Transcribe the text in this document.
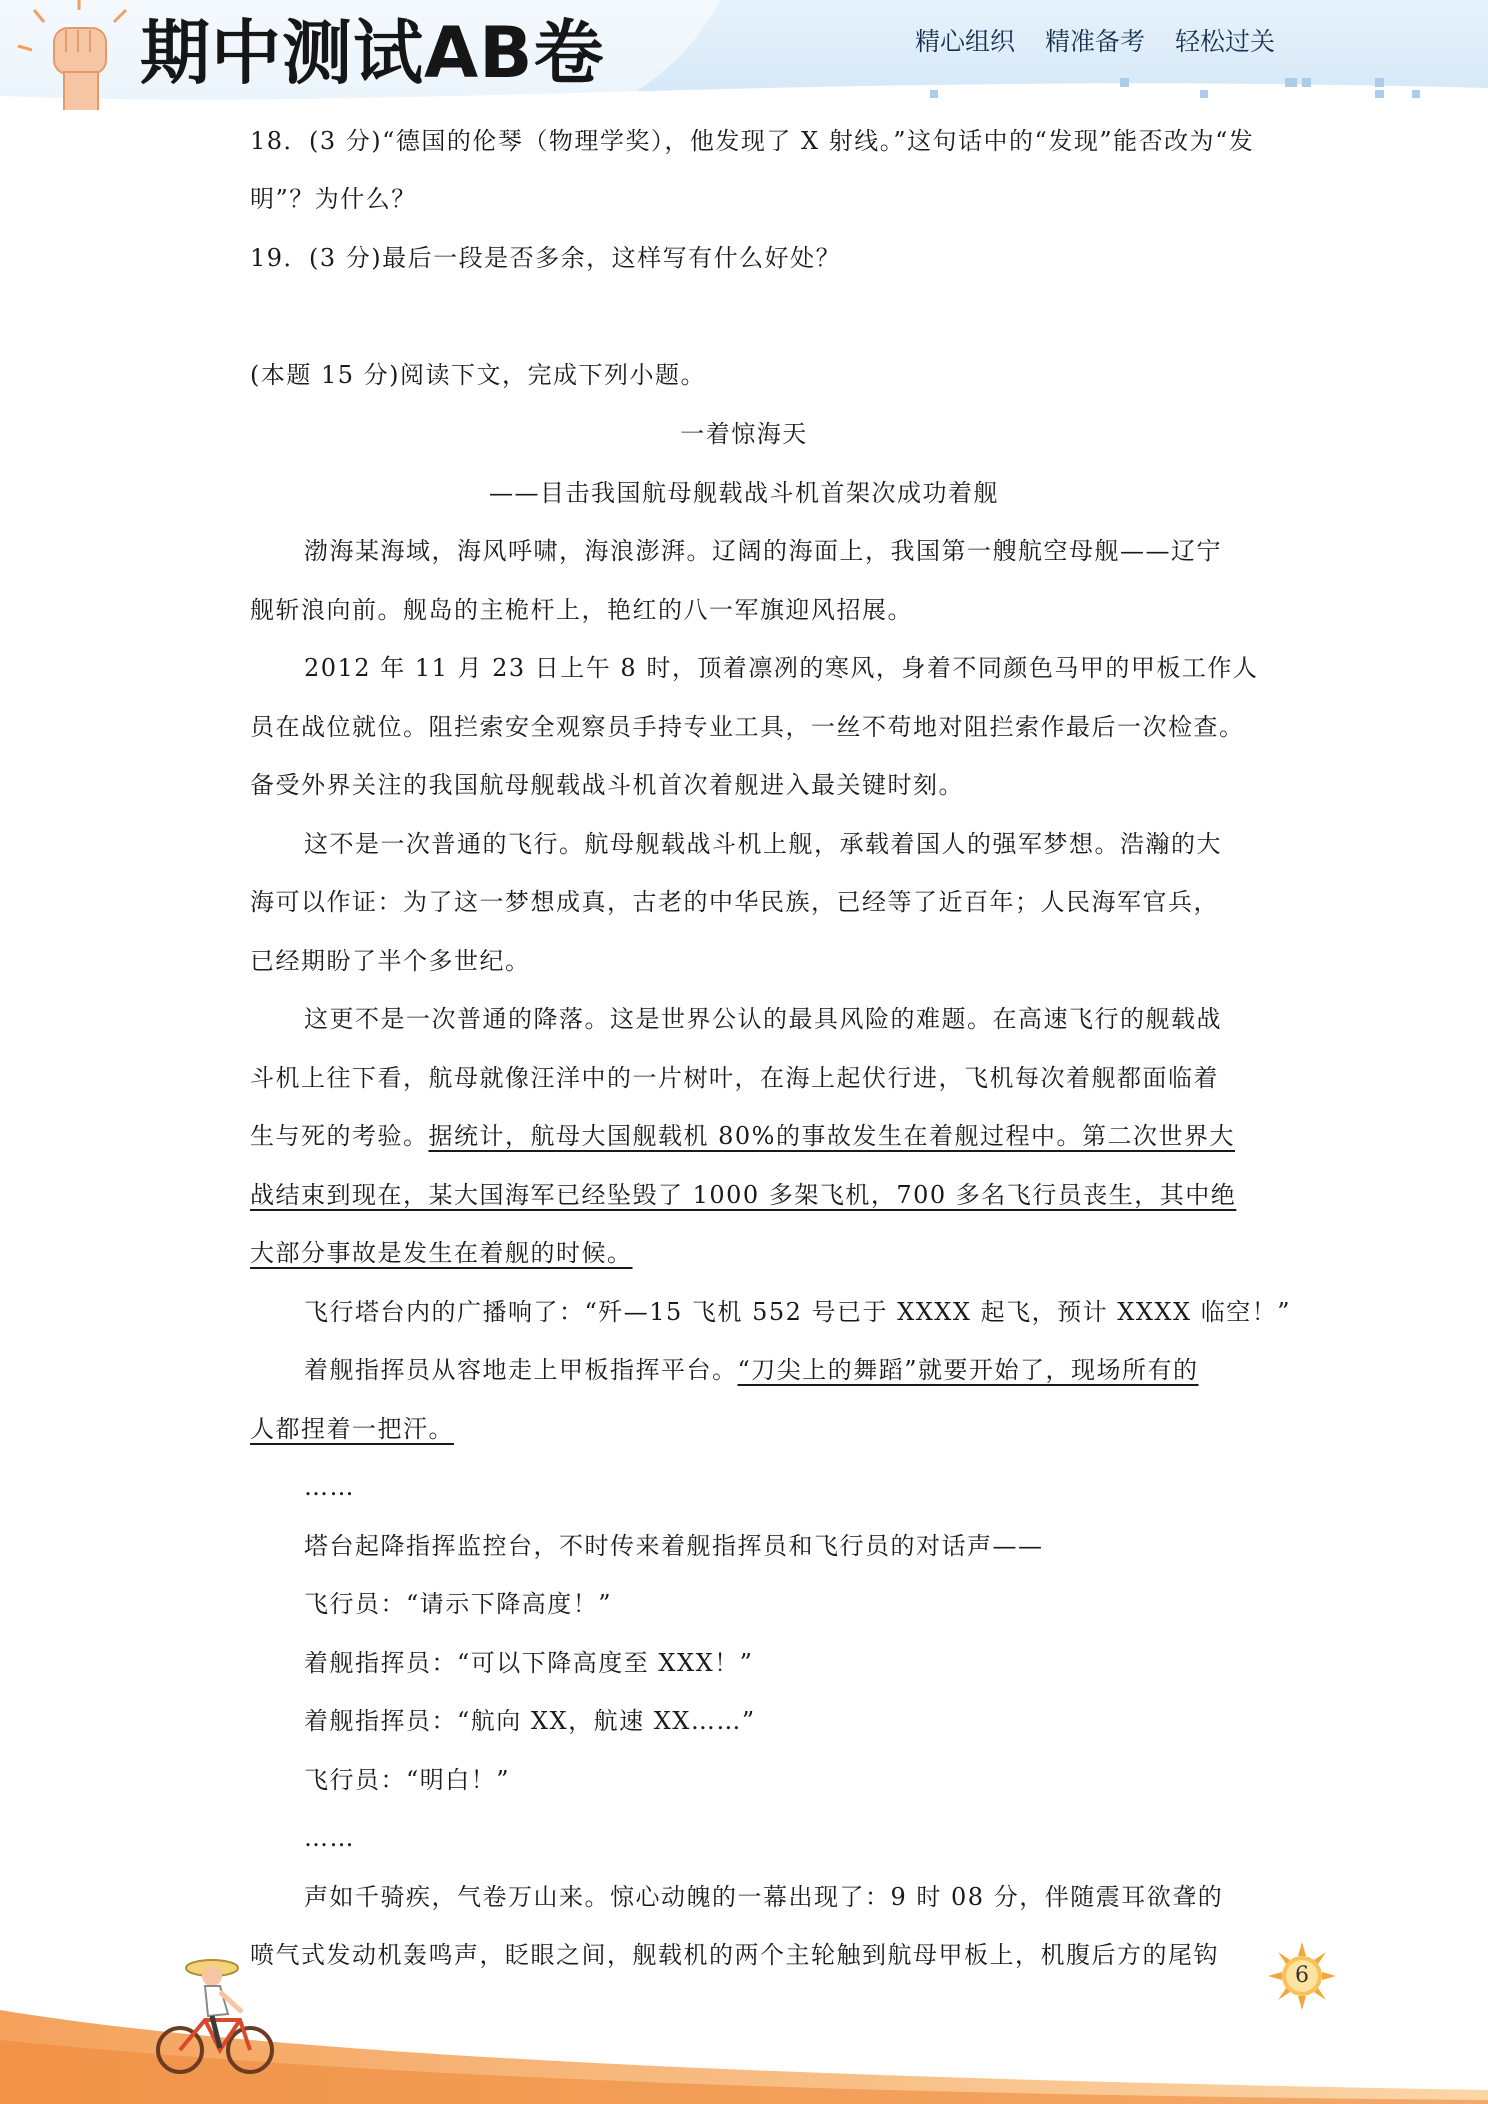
期中测试AB卷	精心组织 精准备考 轻松过关
18．(3 分)“德国的伦琴（物理学奖），他发现了 X 射线。”这句话中的“发现”能否改为“发
明”？为什么？
19．(3 分)最后一段是否多余，这样写有什么好处？
(本题 15 分)阅读下文，完成下列小题。
一着惊海天
——目击我国航母舰载战斗机首架次成功着舰
渤海某海域，海风呼啸，海浪澎湃。辽阔的海面上，我国第一艘航空母舰——辽宁
舰斩浪向前。舰岛的主桅杆上，艳红的八一军旗迎风招展。
2012 年 11 月 23 日上午 8 时，顶着凛冽的寒风，身着不同颜色马甲的甲板工作人
员在战位就位。阻拦索安全观察员手持专业工具，一丝不苟地对阻拦索作最后一次检查。
备受外界关注的我国航母舰载战斗机首次着舰进入最关键时刻。
这不是一次普通的飞行。航母舰载战斗机上舰，承载着国人的强军梦想。浩瀚的大
海可以作证：为了这一梦想成真，古老的中华民族，已经等了近百年；人民海军官兵，
已经期盼了半个多世纪。
这更不是一次普通的降落。这是世界公认的最具风险的难题。在高速飞行的舰载战
斗机上往下看，航母就像汪洋中的一片树叶，在海上起伏行进，飞机每次着舰都面临着
生与死的考验。据统计，航母大国舰载机 80%的事故发生在着舰过程中。第二次世界大
战结束到现在，某大国海军已经坠毁了 1000 多架飞机，700 多名飞行员丧生，其中绝
大部分事故是发生在着舰的时候。
飞行塔台内的广播响了：“歼—15 飞机 552 号已于 XXXX 起飞，预计 XXXX 临空！”
着舰指挥员从容地走上甲板指挥平台。“刀尖上的舞蹈”就要开始了，现场所有的
人都捏着一把汗。
……
塔台起降指挥监控台，不时传来着舰指挥员和飞行员的对话声——
飞行员：“请示下降高度！”
着舰指挥员：“可以下降高度至 XXX！”
着舰指挥员：“航向 XX，航速 XX……”
飞行员：“明白！”
……
声如千骑疾，气卷万山来。惊心动魄的一幕出现了：9 时 08 分，伴随震耳欲聋的
喷气式发动机轰鸣声，眨眼之间，舰载机的两个主轮触到航母甲板上，机腹后方的尾钩
6
